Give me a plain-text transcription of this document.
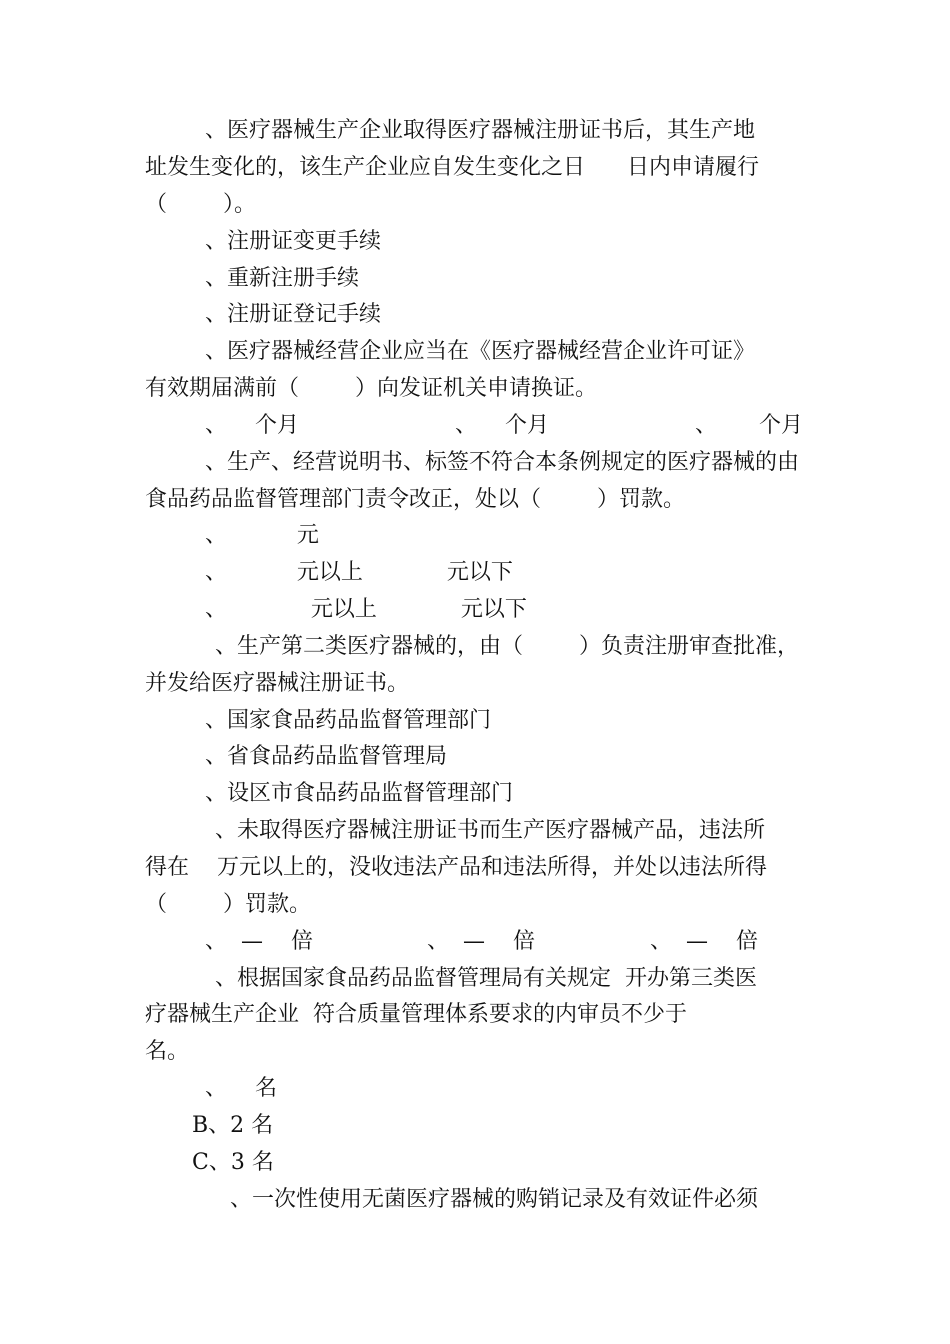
、医疗器械生产企业取得医疗器械注册证书后，其生产地
址发生变化的，该生产企业应自发生变化之日      日内申请履行
（        ）。
、注册证变更手续
、重新注册手续
、注册证登记手续
、医疗器械经营企业应当在《医疗器械经营企业许可证》
有效期届满前（        ）向发证机关申请换证。
、    个月	、    个月	、      个月
、生产、经营说明书、标签不符合本条例规定的医疗器械的由
食品药品监督管理部门责令改正，处以（        ）罚款。
、          元
、          元以上            元以下
、            元以上            元以下
、生产第二类医疗器械的，由（        ）负责注册审查批准，
并发给医疗器械注册证书。
、国家食品药品监督管理部门
、省食品药品监督管理局
、设区市食品药品监督管理部门
、未取得医疗器械注册证书而生产医疗器械产品，违法所
得在    万元以上的，没收违法产品和违法所得，并处以违法所得
（        ）罚款。
、  —    倍	、  —    倍	、  —    倍
、根据国家食品药品监督管理局有关规定  开办第三类医
疗器械生产企业  符合质量管理体系要求的内审员不少于
名。
、    名
B、2 名
C、3 名
、一次性使用无菌医疗器械的购销记录及有效证件必须
